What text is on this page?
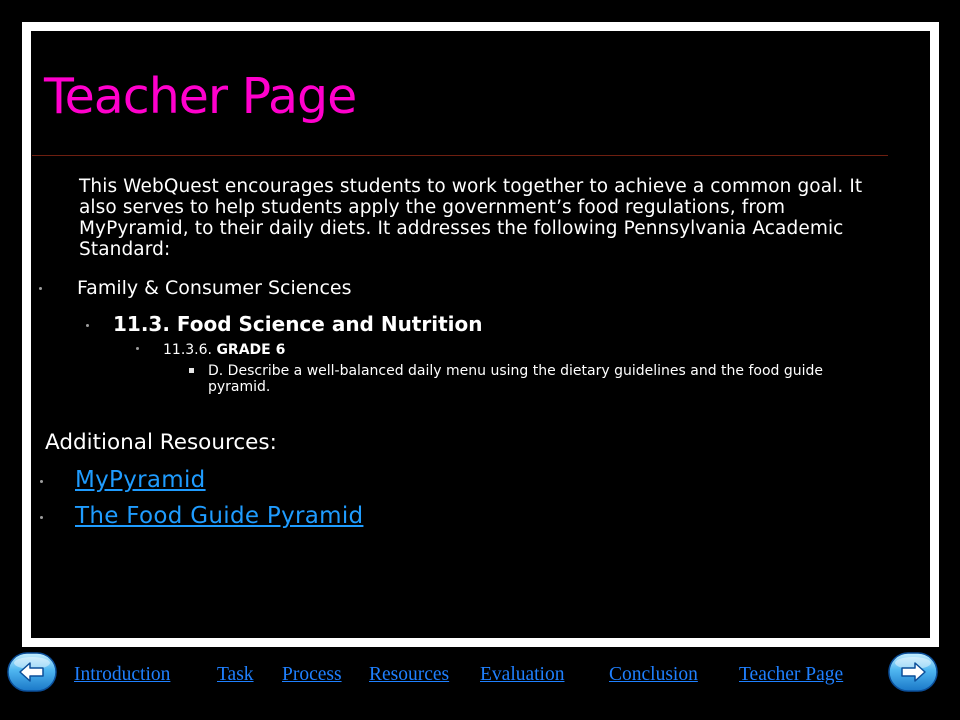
Teacher Page

This WebQuest encourages students to work together to achieve a common goal. It also serves to help students apply the government’s food regulations, from MyPyramid, to their daily diets. It addresses the following Pennsylvania Academic Standard:

Family & Consumer Sciences
11.3. Food Science and Nutrition
11.3.6.
GRADE 6
D. Describe a well-balanced daily menu using the dietary guidelines and the food guide pyramid.
Additional Resources:
MyPyramid
The Food Guide Pyramid
Introduction Task Process Resources Evaluation Conclusion Teacher Page
